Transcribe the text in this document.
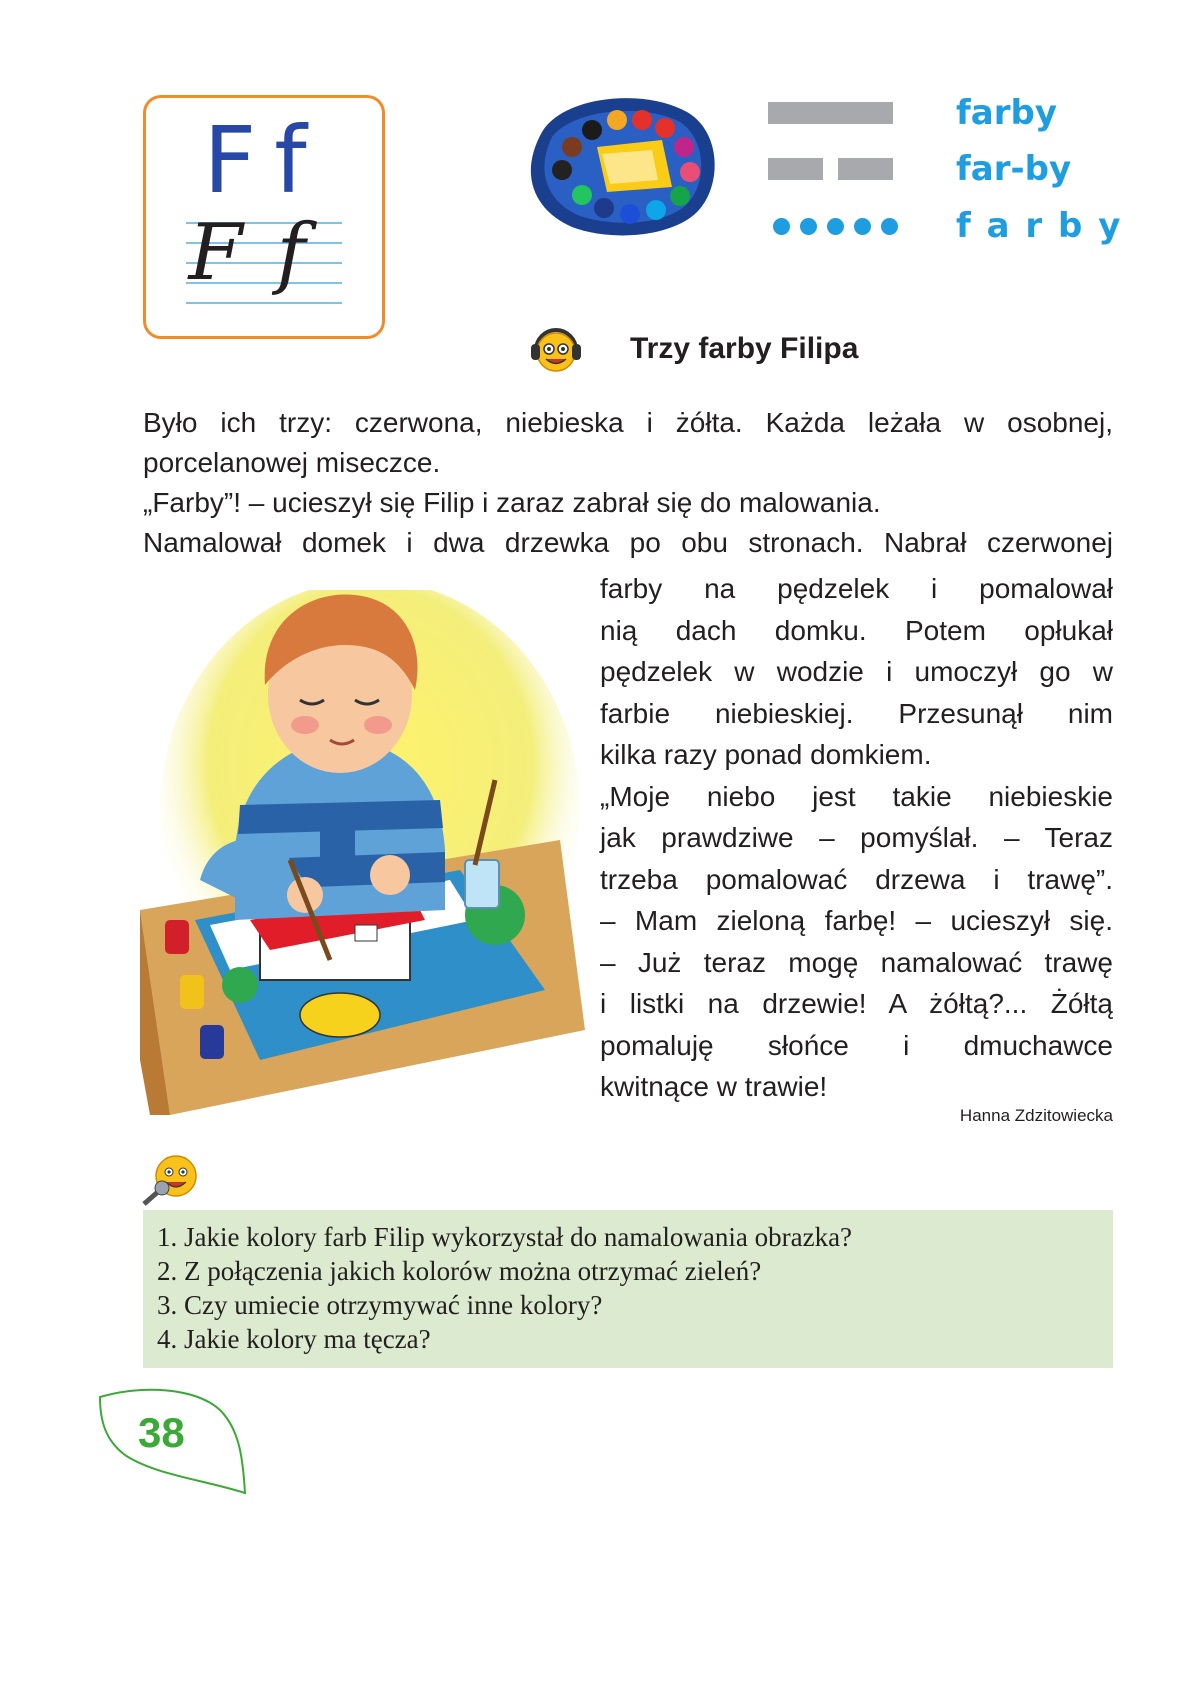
Ff
Ff
farby
far-by
f a r b y
Trzy farby Filipa

Było ich trzy: czerwona, niebieska i żółta. Każda leżała w osobnej,

porcelanowej miseczce.

„Farby”! – ucieszył się Filip i zaraz zabrał się do malowania.

Namalował domek i dwa drzewka po obu stronach. Nabrał czerwonej

farby na pędzelek i pomalował

nią dach domku. Potem opłukał

pędzelek w wodzie i umoczył go w

farbie niebieskiej. Przesunął nim

kilka razy ponad domkiem.

„Moje niebo jest takie niebieskie

jak prawdziwe – pomyślał. – Teraz

trzeba pomalować drzewa i trawę”.

– Mam zieloną farbę! – ucieszył się.

– Już teraz mogę namalować trawę

i listki na drzewie! A żółtą?... Żółtą

pomaluję słońce i dmuchawce

kwitnące w trawie!

Hanna Zdzitowiecka
1. Jakie kolory farb Filip wykorzystał do namalowania obrazka?
2. Z połączenia jakich kolorów można otrzymać zieleń?
3. Czy umiecie otrzymywać inne kolory?
4. Jakie kolory ma tęcza?
38
